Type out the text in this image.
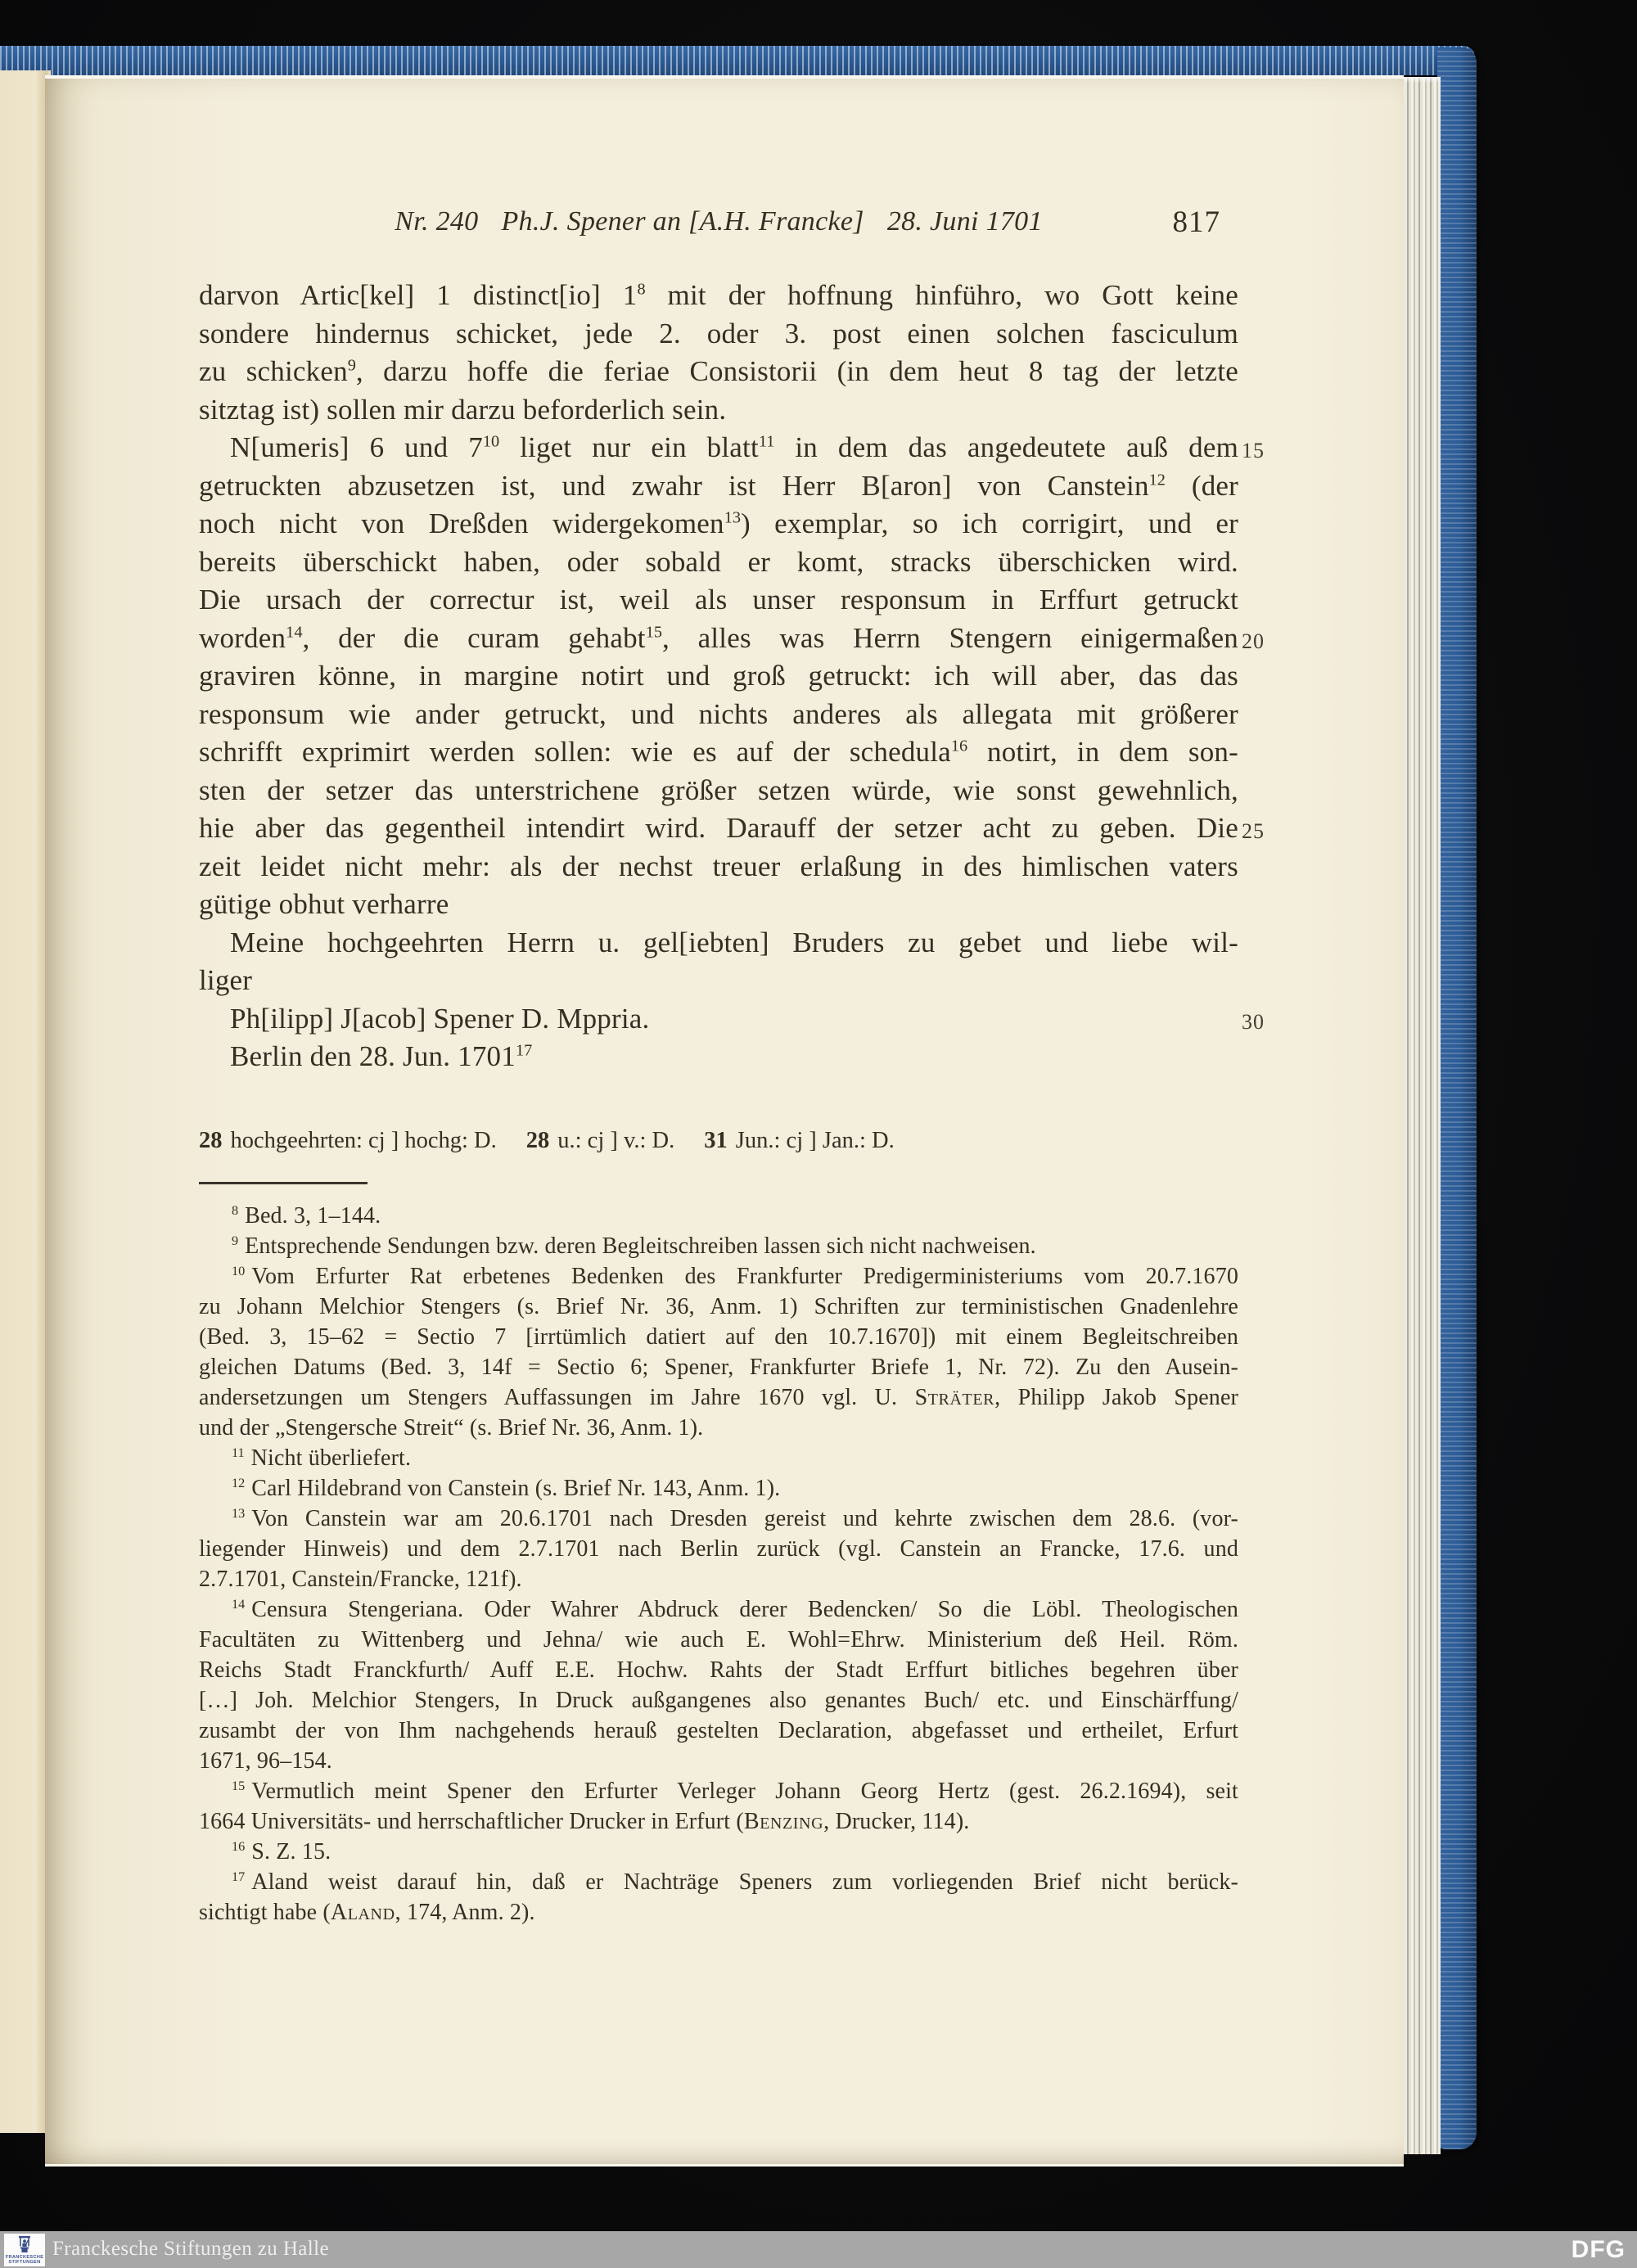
Nr. 240 Ph.J. Spener an [A.H. Francke] 28. Juni 1701	817
darvon Artic[kel] 1 distinct[io] $1^8$ mit der hoffnung hinführo, wo Gott keine
sondere hindernus schicket, jede 2. oder 3. post einen solchen fasciculum
zu schicken$^9$, darzu hoffe die feriae Consistorii (in dem heut 8 tag der letzte
sitztag ist) sollen mir darzu beforderlich sein.
N[umeris] 6 und $7^{10}$ liget nur ein blatt$^{11}$ in dem das angedeutete auß dem
getruckten abzusetzen ist, und zwahr ist Herr B[aron] von Canstein$^{12}$ (der
noch nicht von Dreßden widergekomen$^{13}$) exemplar, so ich corrigirt, und er
bereits überschickt haben, oder sobald er komt, stracks überschicken wird.
Die ursach der correctur ist, weil als unser responsum in Erffurt getruckt
worden$^{14}$, der die curam gehabt$^{15}$, alles was Herrn Stengern einigermaßen
graviren könne, in margine notirt und groß getruckt: ich will aber, das das
responsum wie ander getruckt, und nichts anderes als allegata mit größerer
schrifft exprimirt werden sollen: wie es auf der schedula$^{16}$ notirt, in dem son-
sten der setzer das unterstrichene größer setzen würde, wie sonst gewehnlich,
hie aber das gegentheil intendirt wird. Darauff der setzer acht zu geben. Die
zeit leidet nicht mehr: als der nechst treuer erlaßung in des himlischen vaters
gütige obhut verharre
Meine hochgeehrten Herrn u. gel[iebten] Bruders zu gebet und liebe wil-
liger
Ph[ilipp] J[acob] Spener D. Mppria.
Berlin den 28. Jun. 1701$^{17}$
15
20
25
30
28 hochgeehrten: cj ] hochg: D. 28 u.: cj ] v.: D. 31 Jun.: cj ] Jan.: D.
$^8$ Bed. 3, 1–144.
$^9$ Entsprechende Sendungen bzw. deren Begleitschreiben lassen sich nicht nachweisen.
$^{10}$ Vom Erfurter Rat erbetenes Bedenken des Frankfurter Predigerministeriums vom 20.7.1670
zu Johann Melchior Stengers (s. Brief Nr. 36, Anm. 1) Schriften zur terministischen Gnadenlehre
(Bed. 3, 15–62 = Sectio 7 [irrtümlich datiert auf den 10.7.1670]) mit einem Begleitschreiben
gleichen Datums (Bed. 3, 14f = Sectio 6; Spener, Frankfurter Briefe 1, Nr. 72). Zu den Ausein-
andersetzungen um Stengers Auffassungen im Jahre 1670 vgl. U. Sträter, Philipp Jakob Spener
und der „Stengersche Streit“ (s. Brief Nr. 36, Anm. 1).
$^{11}$ Nicht überliefert.
$^{12}$ Carl Hildebrand von Canstein (s. Brief Nr. 143, Anm. 1).
$^{13}$ Von Canstein war am 20.6.1701 nach Dresden gereist und kehrte zwischen dem 28.6. (vor-
liegender Hinweis) und dem 2.7.1701 nach Berlin zurück (vgl. Canstein an Francke, 17.6. und
2.7.1701, Canstein/Francke, 121f).
$^{14}$ Censura Stengeriana. Oder Wahrer Abdruck derer Bedencken/ So die Löbl. Theologischen
Facultäten zu Wittenberg und Jehna/ wie auch E. Wohl=Ehrw. Ministerium deß Heil. Röm.
Reichs Stadt Franckfurth/ Auff E.E. Hochw. Rahts der Stadt Erffurt bitliches begehren über
[…] Joh. Melchior Stengers, In Druck außgangenes also genantes Buch/ etc. und Einschärffung/
zusambt der von Ihm nachgehends herauß gestelten Declaration, abgefasset und ertheilet, Erfurt
1671, 96–154.
$^{15}$ Vermutlich meint Spener den Erfurter Verleger Johann Georg Hertz (gest. 26.2.1694), seit
1664 Universitäts- und herrschaftlicher Drucker in Erfurt (Benzing, Drucker, 114).
$^{16}$ S. Z. 15.
$^{17}$ Aland weist darauf hin, daß er Nachträge Speners zum vorliegenden Brief nicht berück-
sichtigt habe (Aland, 174, Anm. 2).
FRANCKESCHE
STIFTUNGEN
Franckesche Stiftungen zu Halle	DFG
